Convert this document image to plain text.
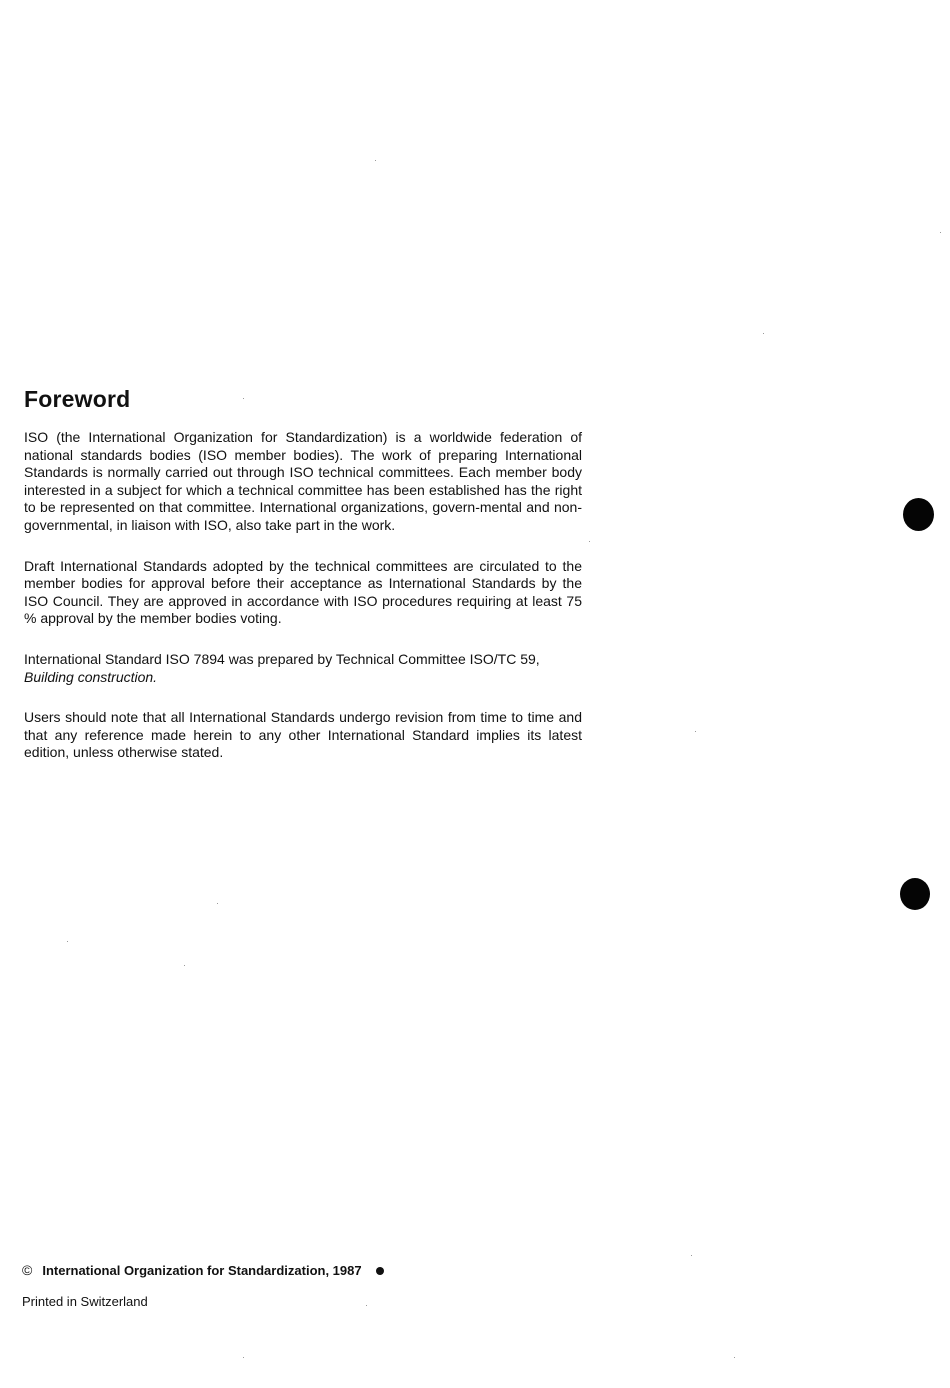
Foreword

ISO (the International Organization for Standardization) is a worldwide federation of national standards bodies (ISO member bodies). The work of preparing International Standards is normally carried out through ISO technical committees. Each member body interested in a subject for which a technical committee has been established has the right to be represented on that committee. International organizations, govern-mental and non-governmental, in liaison with ISO, also take part in the work.

Draft International Standards adopted by the technical committees are circulated to the member bodies for approval before their acceptance as International Standards by the ISO Council. They are approved in accordance with ISO procedures requiring at least 75 % approval by the member bodies voting.

International Standard ISO 7894 was prepared by Technical Committee ISO/TC 59,
Building construction.

Users should note that all International Standards undergo revision from time to time and that any reference made herein to any other International Standard implies its latest edition, unless otherwise stated.

© International Organization for Standardization, 1987
Printed in Switzerland
